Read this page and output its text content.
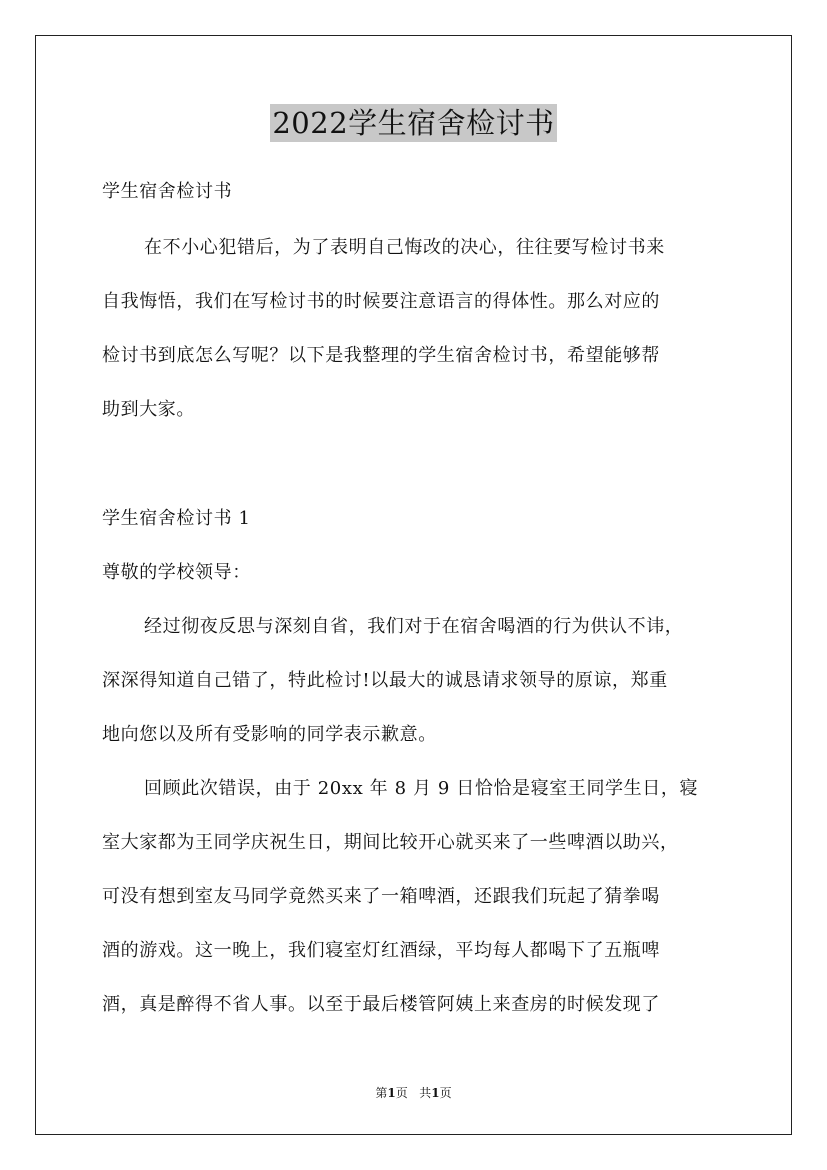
2022学生宿舍检讨书
学生宿舍检讨书
在不小心犯错后，为了表明自己悔改的决心，往往要写检讨书来
自我悔悟，我们在写检讨书的时候要注意语言的得体性。那么对应的
检讨书到底怎么写呢？以下是我整理的学生宿舍检讨书，希望能够帮
助到大家。
学生宿舍检讨书 1
尊敬的学校领导：
经过彻夜反思与深刻自省，我们对于在宿舍喝酒的行为供认不讳，
深深得知道自己错了，特此检讨!以最大的诚恳请求领导的原谅，郑重
地向您以及所有受影响的同学表示歉意。
回顾此次错误，由于 20xx 年 8 月 9 日恰恰是寝室王同学生日，寝
室大家都为王同学庆祝生日，期间比较开心就买来了一些啤酒以助兴，
可没有想到室友马同学竟然买来了一箱啤酒，还跟我们玩起了猜拳喝
酒的游戏。这一晚上，我们寝室灯红酒绿，平均每人都喝下了五瓶啤
酒，真是醉得不省人事。以至于最后楼管阿姨上来查房的时候发现了
第1页   共1页
